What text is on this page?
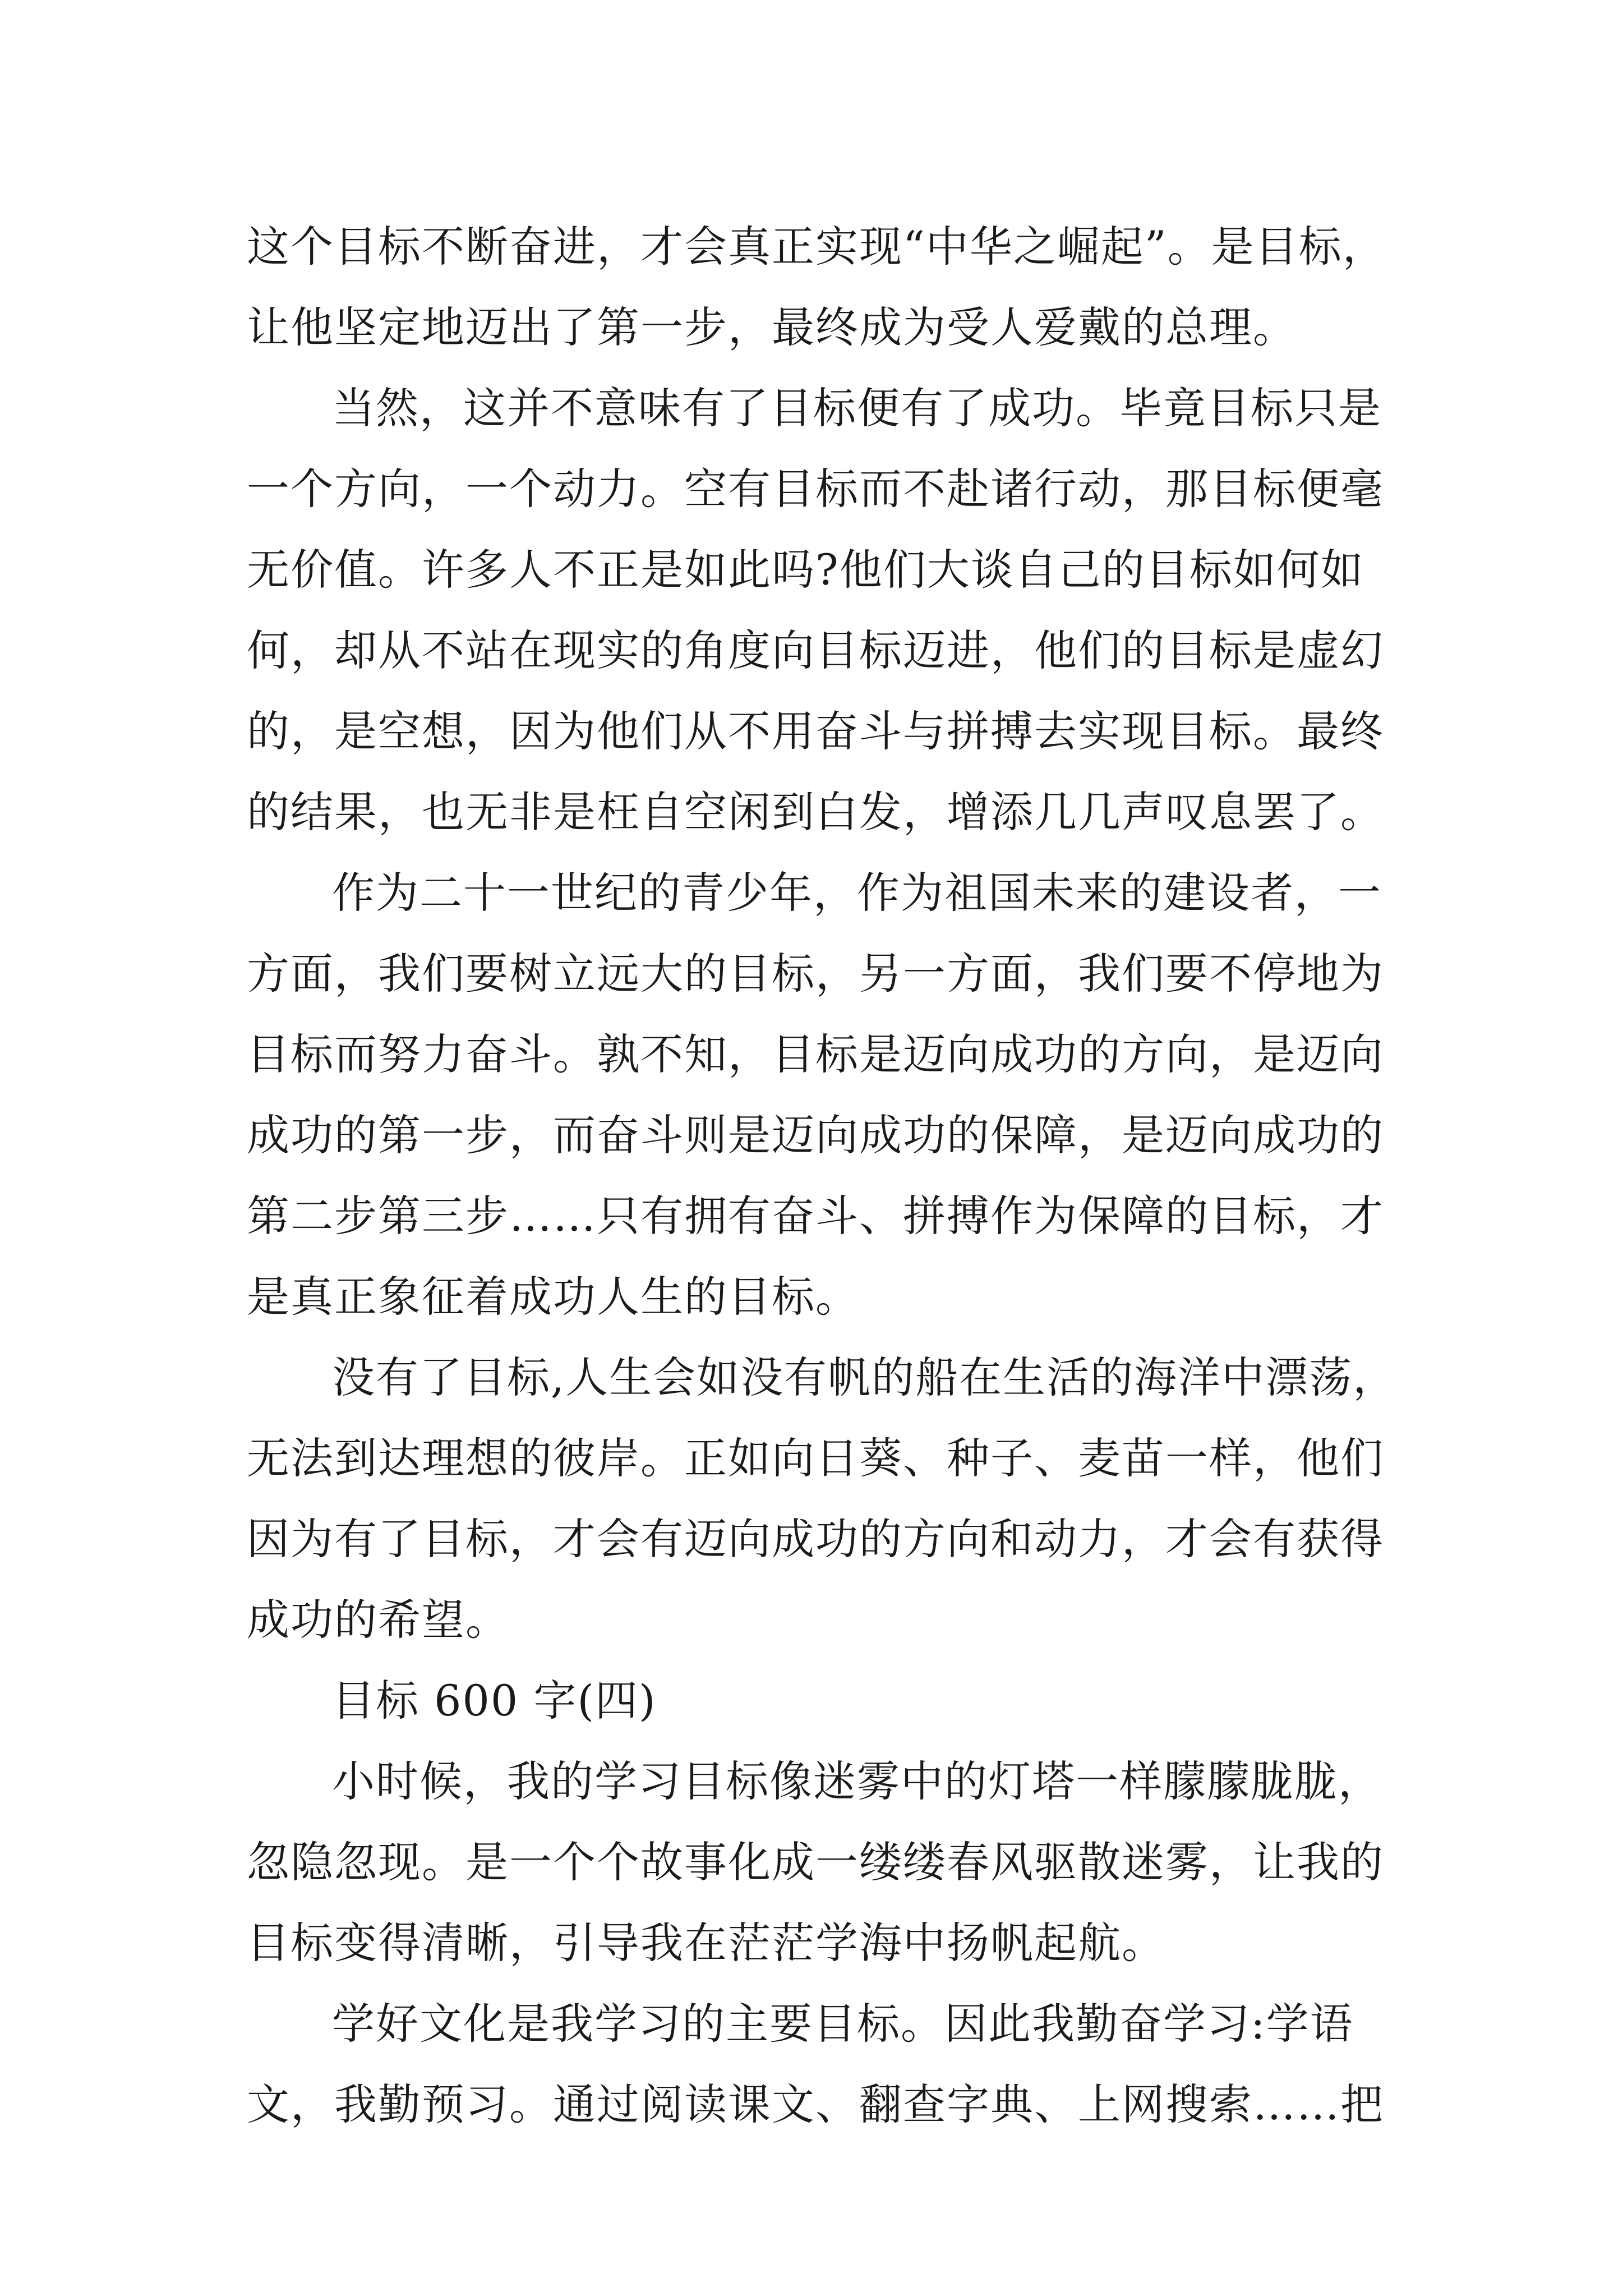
这个目标不断奋进，才会真正实现“中华之崛起”。是目标，
让他坚定地迈出了第一步，最终成为受人爱戴的总理。

当然，这并不意味有了目标便有了成功。毕竟目标只是
一个方向，一个动力。空有目标而不赴诸行动，那目标便毫
无价值。许多人不正是如此吗?他们大谈自己的目标如何如
何，却从不站在现实的角度向目标迈进，他们的目标是虚幻
的，是空想，因为他们从不用奋斗与拼搏去实现目标。最终
的结果，也无非是枉自空闲到白发，增添几几声叹息罢了。

作为二十一世纪的青少年，作为祖国未来的建设者，一
方面，我们要树立远大的目标，另一方面，我们要不停地为
目标而努力奋斗。孰不知，目标是迈向成功的方向，是迈向
成功的第一步，而奋斗则是迈向成功的保障，是迈向成功的
第二步第三步……只有拥有奋斗、拼搏作为保障的目标，才
是真正象征着成功人生的目标。

没有了目标,人生会如没有帆的船在生活的海洋中漂荡，
无法到达理想的彼岸。正如向日葵、种子、麦苗一样，他们
因为有了目标，才会有迈向成功的方向和动力，才会有获得
成功的希望。

目标 600 字(四)

小时候，我的学习目标像迷雾中的灯塔一样朦朦胧胧，
忽隐忽现。是一个个故事化成一缕缕春风驱散迷雾，让我的
目标变得清晰，引导我在茫茫学海中扬帆起航。

学好文化是我学习的主要目标。因此我勤奋学习:学语
文，我勤预习。通过阅读课文、翻查字典、上网搜索……把
